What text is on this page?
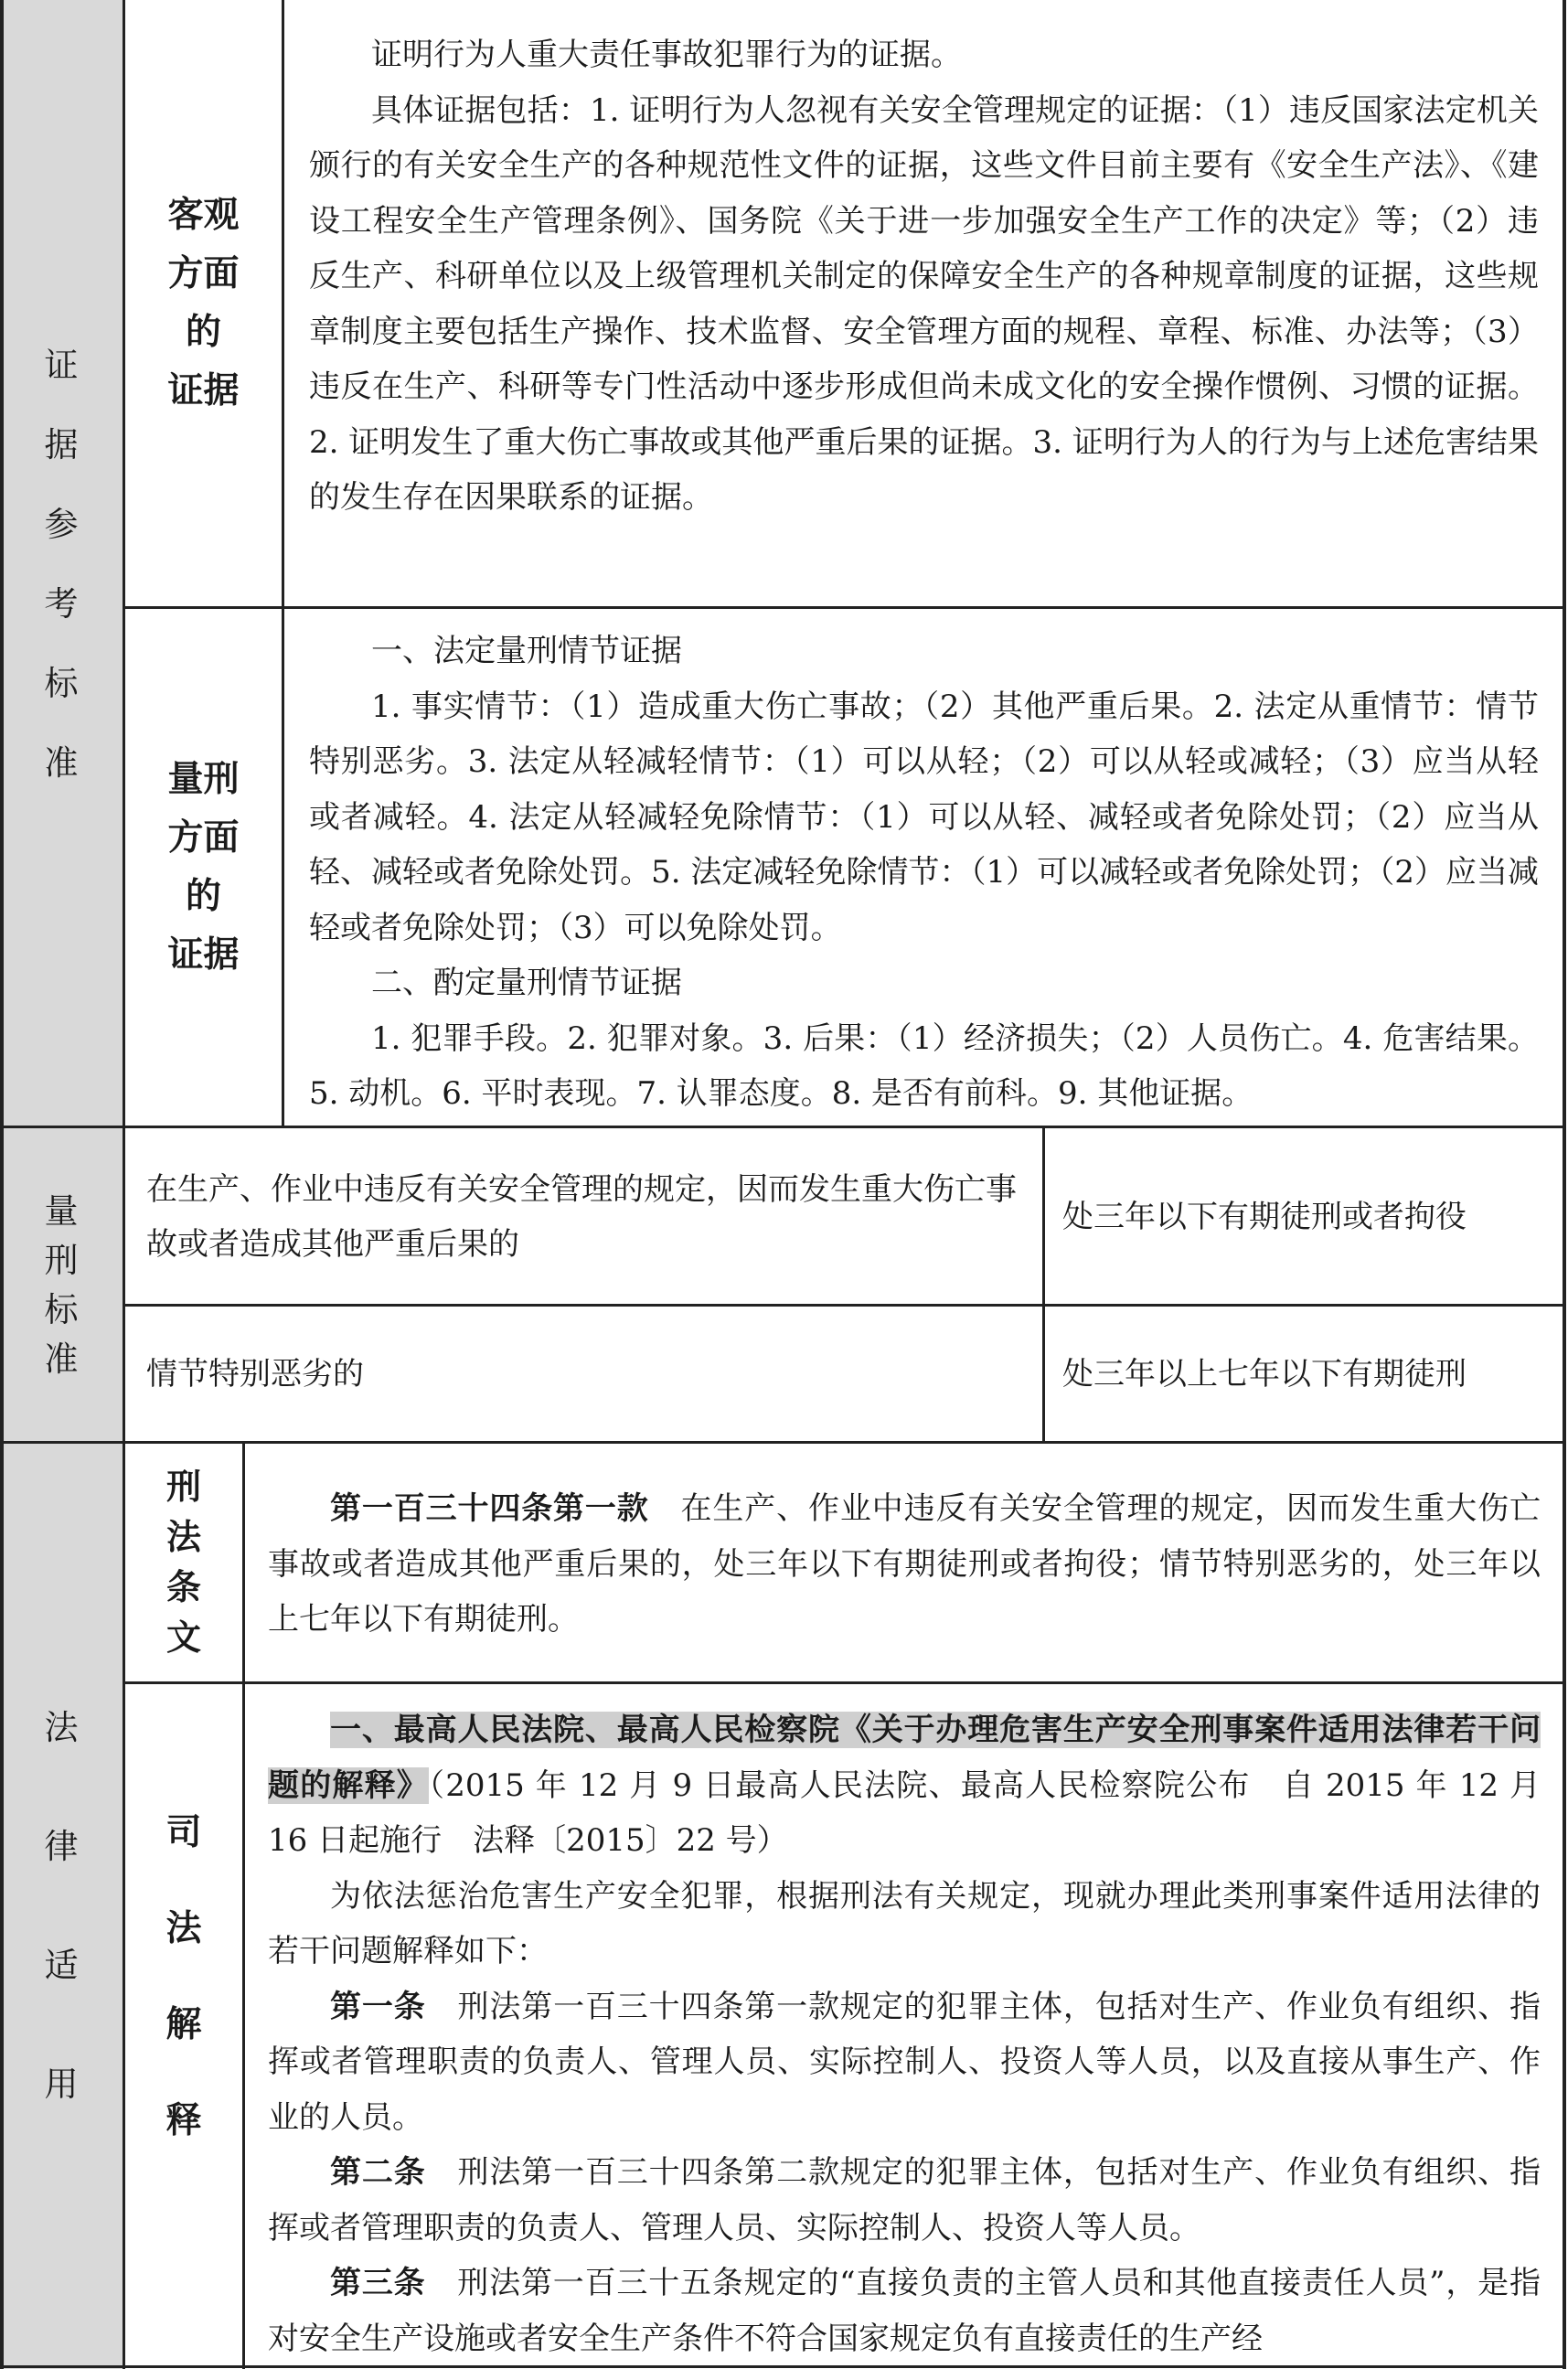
证
据
参
考
标
准
客观
方面
的
证据

证明行为人重大责任事故犯罪行为的证据。

具体证据包括：1. 证明行为人忽视有关安全管理规定的证据：（1）违反国家法定机关颁行的有关安全生产的各种规范性文件的证据，这些文件目前主要有《安全生产法》、《建设工程安全生产管理条例》、国务院《关于进一步加强安全生产工作的决定》等；（2）违反生产、科研单位以及上级管理机关制定的保障安全生产的各种规章制度的证据，这些规章制度主要包括生产操作、技术监督、安全管理方面的规程、章程、标准、办法等；（3）违反在生产、科研等专门性活动中逐步形成但尚未成文化的安全操作惯例、习惯的证据。2. 证明发生了重大伤亡事故或其他严重后果的证据。3. 证明行为人的行为与上述危害结果的发生存在因果联系的证据。

量刑
方面
的
证据

一、法定量刑情节证据

1. 事实情节：（1）造成重大伤亡事故；（2）其他严重后果。2. 法定从重情节：情节特别恶劣。3. 法定从轻减轻情节：（1）可以从轻；（2）可以从轻或减轻；（3）应当从轻或者减轻。4. 法定从轻减轻免除情节：（1）可以从轻、减轻或者免除处罚；（2）应当从轻、减轻或者免除处罚。5. 法定减轻免除情节：（1）可以减轻或者免除处罚；（2）应当减轻或者免除处罚；（3）可以免除处罚。

二、酌定量刑情节证据

1. 犯罪手段。2. 犯罪对象。3. 后果：（1）经济损失；（2）人员伤亡。4. 危害结果。5. 动机。6. 平时表现。7. 认罪态度。8. 是否有前科。9. 其他证据。

量
刑
标
准
在生产、作业中违反有关安全管理的规定，因而发生重大伤亡事故或者造成其他严重后果的
处三年以下有期徒刑或者拘役
情节特别恶劣的	处三年以上七年以下有期徒刑
法
律
适
用
刑
法
条
文

第一百三十四条第一款　 在生产、作业中违反有关安全管理的规定，因而发生重大伤亡事故或者造成其他严重后果的，处三年以下有期徒刑或者拘役；情节特别恶劣的，处三年以上七年以下有期徒刑。

司
法
解
释

一、最高人民法院、最高人民检察院《关于办理危害生产安全刑事案件适用法律若干问题的解释》（2015 年 12 月 9 日最高人民法院、最高人民检察院公布　自 2015 年 12 月 16 日起施行　法释〔2015〕22 号）

为依法惩治危害生产安全犯罪，根据刑法有关规定，现就办理此类刑事案件适用法律的若干问题解释如下：

第一条　 刑法第一百三十四条第一款规定的犯罪主体，包括对生产、作业负有组织、指挥或者管理职责的负责人、管理人员、实际控制人、投资人等人员，以及直接从事生产、作业的人员。

第二条　 刑法第一百三十四条第二款规定的犯罪主体，包括对生产、作业负有组织、指挥或者管理职责的负责人、管理人员、实际控制人、投资人等人员。

第三条　 刑法第一百三十五条规定的“直接负责的主管人员和其他直接责任人员”，是指对安全生产设施或者安全生产条件不符合国家规定负有直接责任的生产经
